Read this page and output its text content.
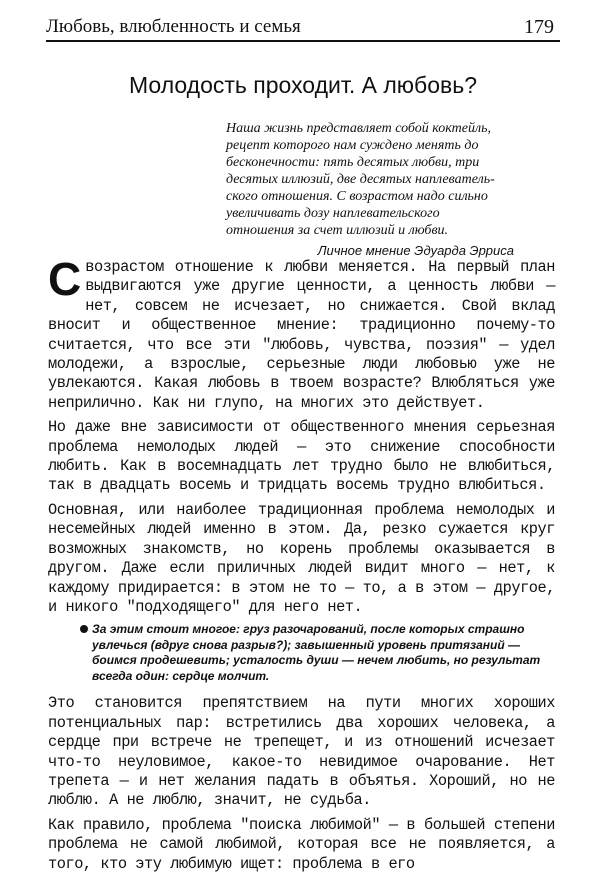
Любовь, влюбленность и семья	179
Молодость проходит. А любовь?

Наша жизнь представляет собой коктейль,

рецепт которого нам суждено менять до

бесконечности: пять десятых любви, три

десятых иллюзий, две десятых наплеватель-

ского отношения. С возрастом надо сильно

увеличивать дозу наплевательского

отношения за счет иллюзий и любви.

Личное мнение Эдуарда Эрриса

Свозрастом отношение к любви меняется. На первый план выдвигаются уже другие ценности, а ценность любви — нет, совсем не исчезает, но снижается. Свой вклад вносит и общественное мнение: традиционно почему-то считается, что все эти "любовь, чувства, поэзия" — удел молодежи, а взрослые, серьезные люди любовью уже не увлекаются. Какая любовь в твоем возрасте? Влюбляться уже неприлично. Как ни глупо, на многих это действует.

Но даже вне зависимости от общественного мнения серьезная проблема немолодых людей — это снижение способности любить. Как в восемнадцать лет трудно было не влюбиться, так в двадцать восемь и тридцать восемь трудно влюбиться.

Основная, или наиболее традиционная проблема немолодых и несемейных людей именно в этом. Да, резко сужается круг возможных знакомств, но корень проблемы оказывается в другом. Даже если приличных людей видит много — нет, к каждому придирается: в этом не то — то, а в этом — другое, и никого "подходящего" для него нет.

За этим стоит многое: груз разочарований, после которых страшно увлечься (вдруг снова разрыв?); завышенный уровень притязаний — боимся продешевить; усталость души — нечем любить, но результат всегда один: сердце молчит.

Это становится препятствием на пути многих хороших потенциальных пар: встретились два хороших человека, а сердце при встрече не трепещет, и из отношений исчезает что-то неуловимое, какое-то невидимое очарование. Нет трепета — и нет желания падать в объятья. Хороший, но не люблю. А не люблю, значит, не судьба.

Как правило, проблема "поиска любимой" — в большей степени проблема не самой любимой, которая все не появляется, а того, кто эту любимую ищет: проблема в его
